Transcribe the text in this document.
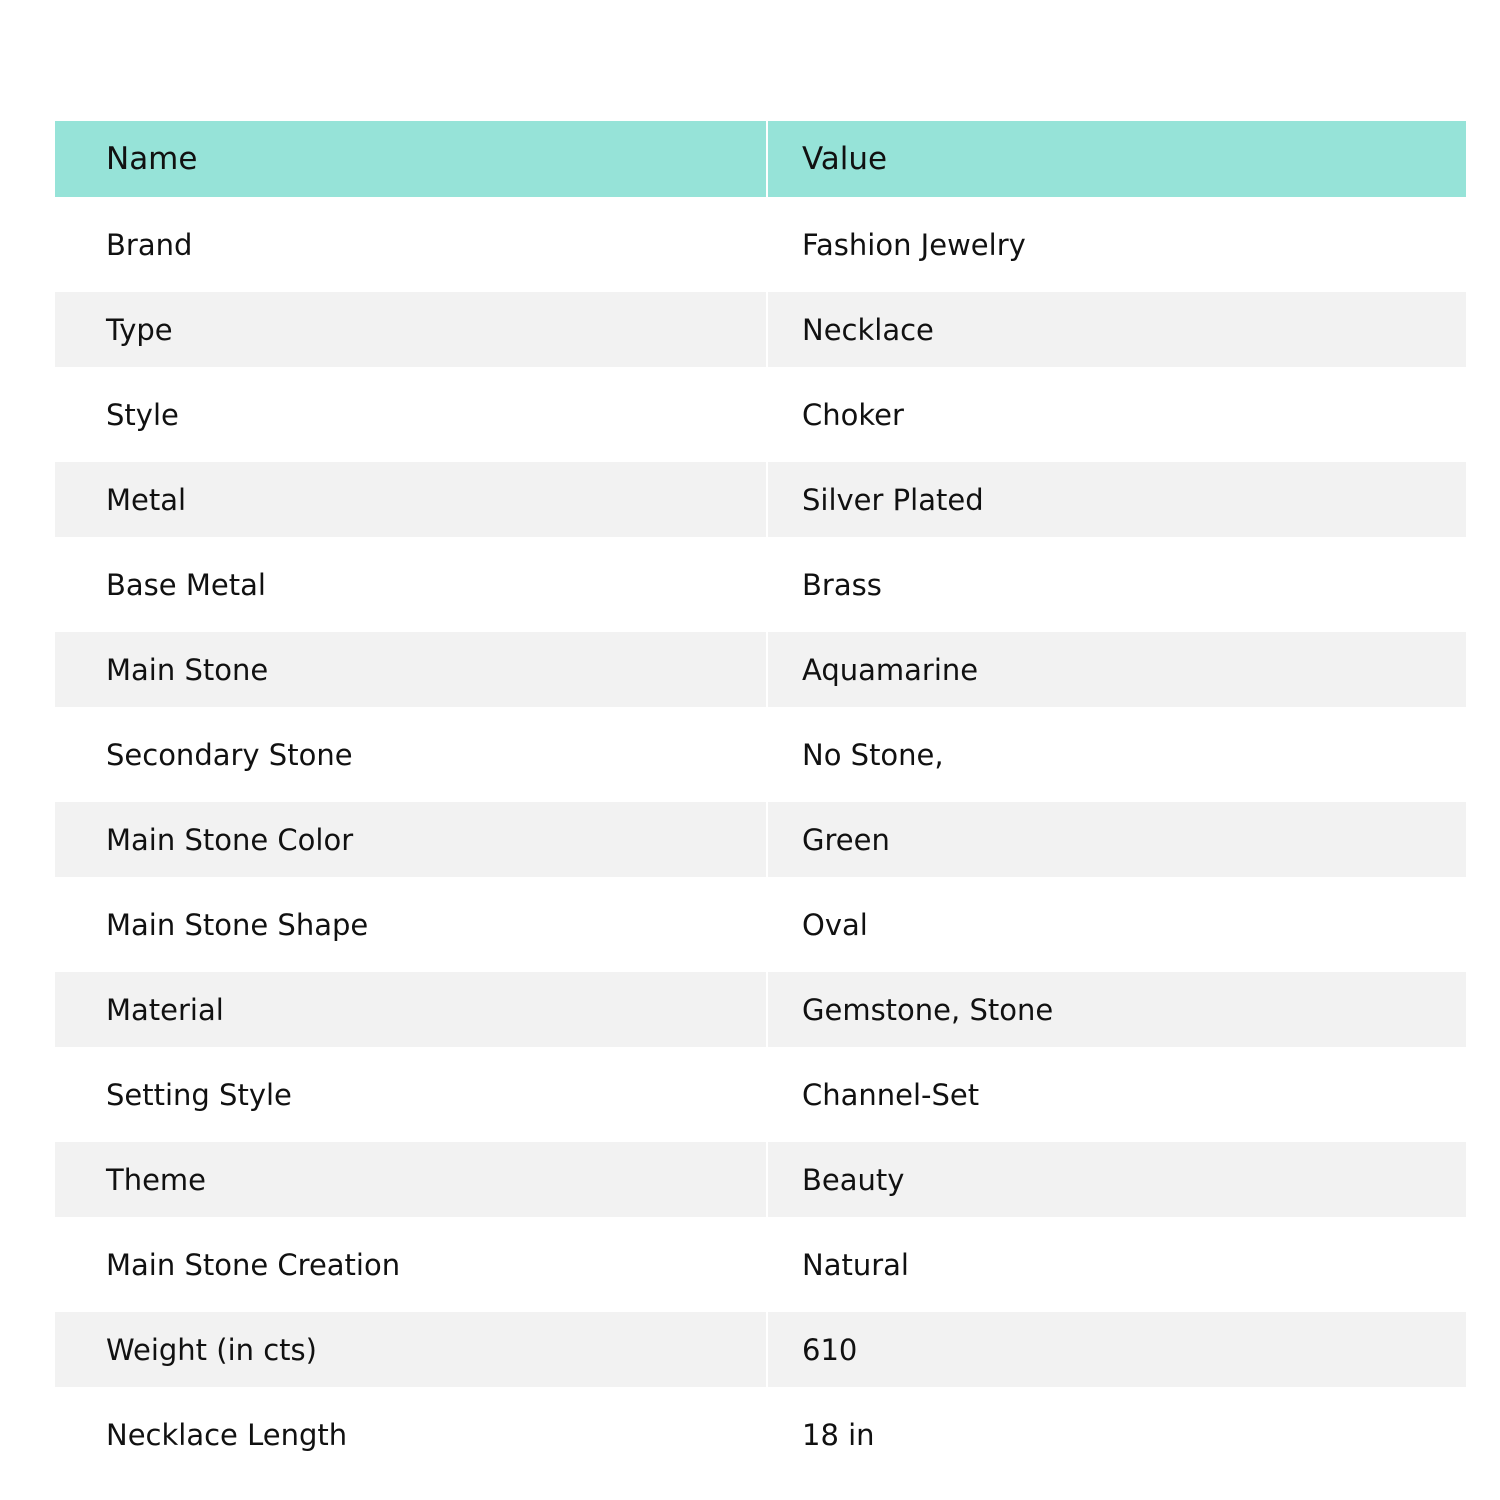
Name	Value
Brand	Fashion Jewelry
Type	Necklace
Style	Choker
Metal	Silver Plated
Base Metal	Brass
Main Stone	Aquamarine
Secondary Stone	No Stone,
Main Stone Color	Green
Main Stone Shape	Oval
Material	Gemstone, Stone
Setting Style	Channel-Set
Theme	Beauty
Main Stone Creation	Natural
Weight (in cts)	610
Necklace Length	18 in
